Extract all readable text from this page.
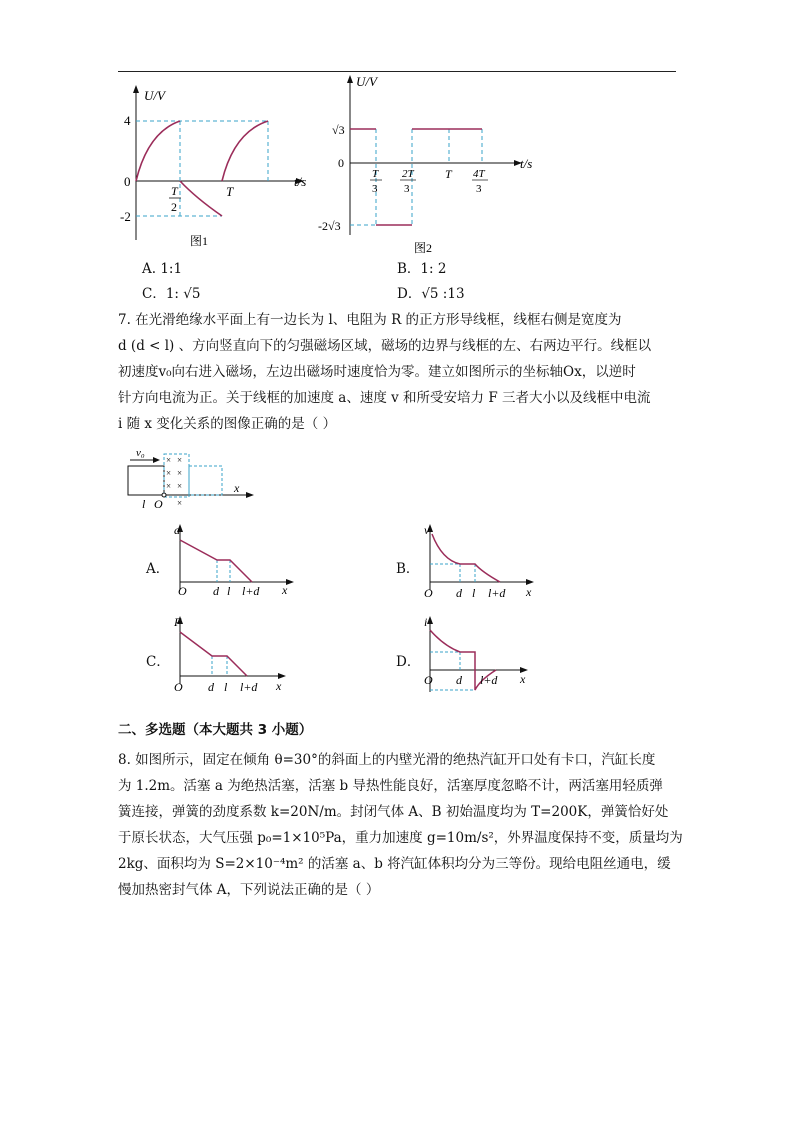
U/V
t/s
4
0
-2
T
2
T
图1
U/V
t/s
√3
0
-2√3
T
3
2T
3
T 4T
3
图2
A. 1:1	B．1: 2
C．1: √5	D．√5 :13
7. 在光滑绝缘水平面上有一边长为 l、电阻为 R 的正方形导线框，线框右侧是宽度为
d (d < l) 、方向竖直向下的匀强磁场区域，磁场的边界与线框的左、右两边平行。线框以
初速度v₀向右进入磁场，左边出磁场时速度恰为零。建立如图所示的坐标轴Ox，以逆时
针方向电流为正。关于线框的加速度 a、速度 v 和所受安培力 F 三者大小以及线框中电流
i 随 x 变化关系的图像正确的是（ ）
v₀
× ×
× ×
× ×
×
l O
x
A．
a
O d l l+d x
B．
v
O d l l+d x
C．
F
O d l l+d x
D．
i
O d l+d x
二、多选题（本大题共 3 小题）
8. 如图所示，固定在倾角 θ=30°的斜面上的内壁光滑的绝热汽缸开口处有卡口，汽缸长度
为 1.2m。活塞 a 为绝热活塞，活塞 b 导热性能良好，活塞厚度忽略不计，两活塞用轻质弹
簧连接，弹簧的劲度系数 k=20N/m。封闭气体 A、B 初始温度均为 T=200K，弹簧恰好处
于原长状态，大气压强 p₀=1×10⁵Pa，重力加速度 g=10m/s²，外界温度保持不变，质量均为
2kg、面积均为 S=2×10⁻⁴m² 的活塞 a、b 将汽缸体积均分为三等份。现给电阻丝通电，缓
慢加热密封气体 A，下列说法正确的是（ ）
